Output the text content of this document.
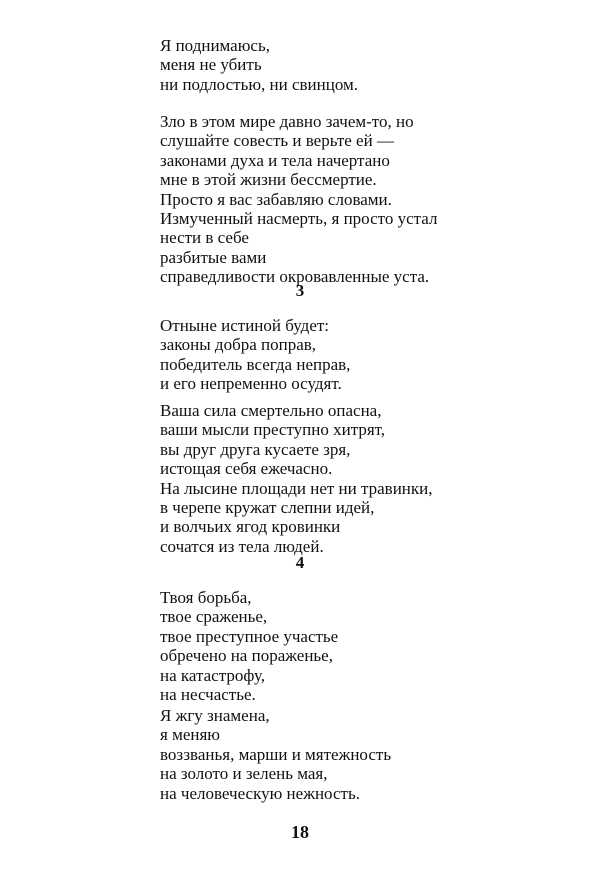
Я поднимаюсь,
меня не убить
ни подлостью, ни свинцом.
Зло в этом мире давно зачем-то, но
слушайте совесть и верьте ей —
законами духа и тела начертано
мне в этой жизни бессмертие.
Просто я вас забавляю словами.
Измученный насмерть, я просто устал
нести в себе
разбитые вами
справедливости окровавленные уста.
3
Отныне истиной будет:
законы добра поправ,
победитель всегда неправ,
и его непременно осудят.
Ваша сила смертельно опасна,
ваши мысли преступно хитрят,
вы друг друга кусаете зря,
истощая себя ежечасно.
На лысине площади нет ни травинки,
в черепе кружат слепни идей,
и волчьих ягод кровинки
сочатся из тела людей.
4
Твоя борьба,
твое сраженье,
твое преступное участье
обречено на пораженье,
на катастрофу,
на несчастье.
Я жгу знамена,
я меняю
воззванья, марши и мятежность
на золото и зелень мая,
на человеческую нежность.
18
